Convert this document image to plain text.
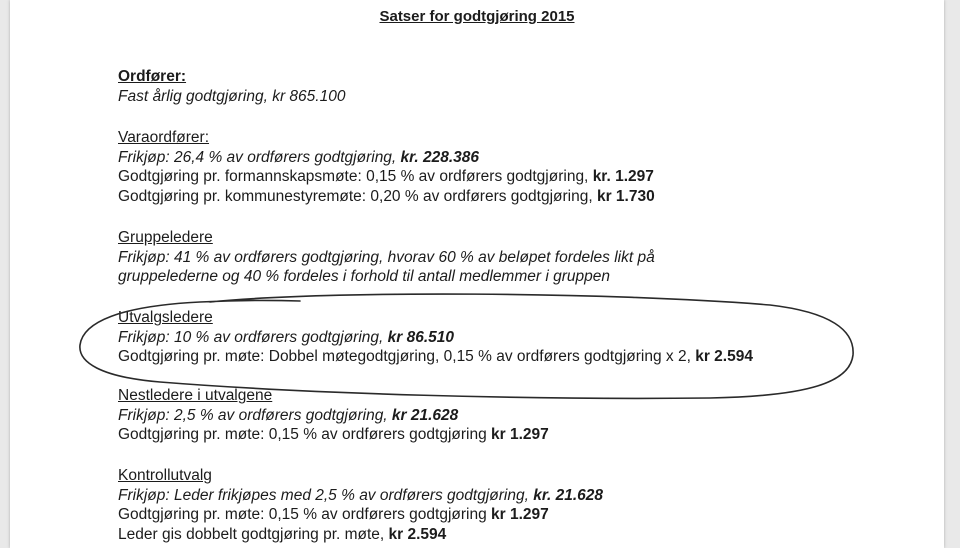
Satser for godtgjøring 2015
Ordfører:
Fast årlig godtgjøring, kr 865.100
Varaordfører:
Frikjøp: 26,4 % av ordførers godtgjøring, kr. 228.386
Godtgjøring pr. formannskapsmøte: 0,15 % av ordførers godtgjøring, kr. 1.297
Godtgjøring pr. kommunestyremøte: 0,20 % av ordførers godtgjøring, kr 1.730
Gruppeledere
Frikjøp: 41 % av ordførers godtgjøring, hvorav 60 % av beløpet fordeles likt på
gruppelederne og 40 % fordeles i forhold til antall medlemmer i gruppen
Utvalgsledere
Frikjøp: 10 % av ordførers godtgjøring, kr 86.510
Godtgjøring pr. møte: Dobbel møtegodtgjøring, 0,15 % av ordførers godtgjøring x 2, kr 2.594
Nestledere i utvalgene
Frikjøp: 2,5 % av ordførers godtgjøring, kr 21.628
Godtgjøring pr. møte: 0,15 % av ordførers godtgjøring kr 1.297
Kontrollutvalg
Frikjøp: Leder frikjøpes med 2,5 % av ordførers godtgjøring, kr. 21.628
Godtgjøring pr. møte: 0,15 % av ordførers godtgjøring kr 1.297
Leder gis dobbelt godtgjøring pr. møte, kr 2.594
